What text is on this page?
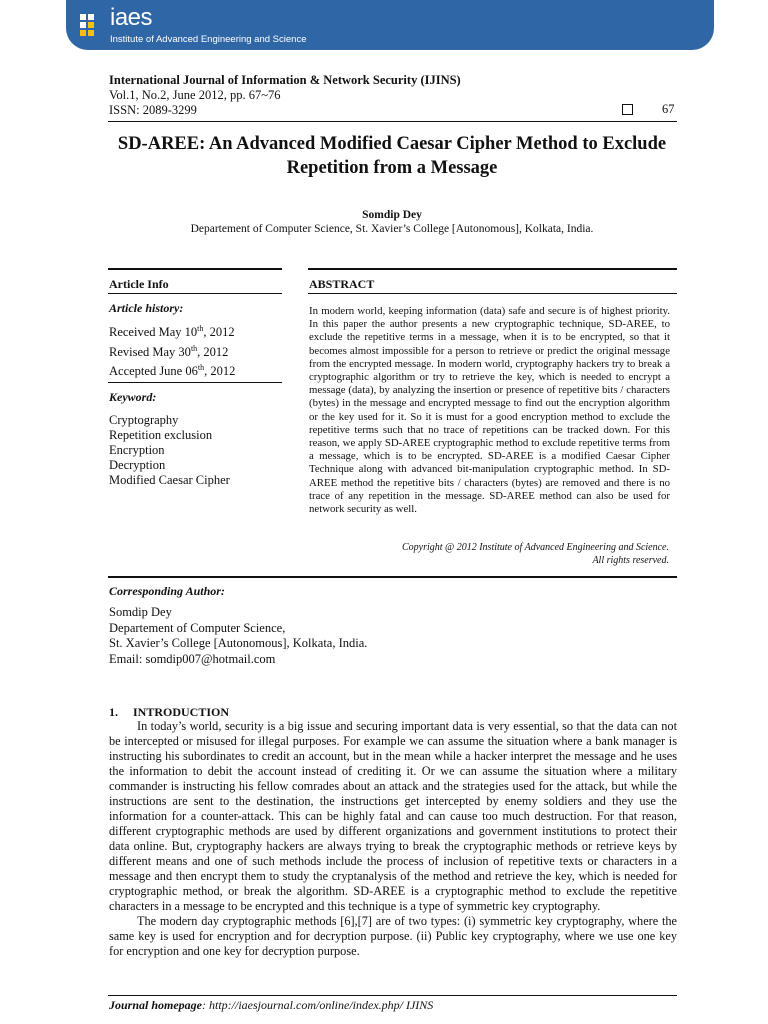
iaes
Institute of Advanced Engineering and Science
International Journal of Information & Network Security (IJINS)
Vol.1, No.2, June 2012, pp. 67~76
ISSN: 2089-3299	67
SD-AREE: An Advanced Modified Caesar Cipher Method to Exclude Repetition from a Message
Somdip Dey
Departement of Computer Science, St. Xavier’s College [Autonomous], Kolkata, India.
Article Info	ABSTRACT
Article history:
Received May 10th, 2012
Revised May 30th, 2012
Accepted June 06th, 2012
Keyword:
Cryptography
Repetition exclusion
Encryption
Decryption
Modified Caesar Cipher
In modern world, keeping information (data) safe and secure is of highest priority. In this paper the author presents a new cryptographic technique, SD-AREE, to exclude the repetitive terms in a message, when it is to be encrypted, so that it becomes almost impossible for a person to retrieve or predict the original message from the encrypted message. In modern world, cryptography hackers try to break a cryptographic algorithm or try to retrieve the key, which is needed to encrypt a message (data), by analyzing the insertion or presence of repetitive bits / characters (bytes) in the message and encrypted message to find out the encryption algorithm or the key used for it. So it is must for a good encryption method to exclude the repetitive terms such that no trace of repetitions can be tracked down. For this reason, we apply SD-AREE cryptographic method to exclude repetitive terms from a message, which is to be encrypted. SD-AREE is a modified Caesar Cipher Technique along with advanced bit-manipulation cryptographic method. In SD-AREE method the repetitive bits / characters (bytes) are removed and there is no trace of any repetition in the message. SD-AREE method can also be used for network security as well.
Copyright @ 2012 Institute of Advanced Engineering and Science.
All rights reserved.
Corresponding Author:
Somdip Dey
Departement of Computer Science,
St. Xavier’s College [Autonomous], Kolkata, India.
Email: somdip007@hotmail.com
1.     INTRODUCTION

In today’s world, security is a big issue and securing important data is very essential, so that the data can not be intercepted or misused for illegal purposes. For example we can assume the situation where a bank manager is instructing his subordinates to credit an account, but in the mean while a hacker interpret the message and he uses the information to debit the account instead of crediting it. Or we can assume the situation where a military commander is instructing his fellow comrades about an attack and the strategies used for the attack, but while the instructions are sent to the destination, the instructions get intercepted by enemy soldiers and they use the information for a counter-attack. This can be highly fatal and can cause too much destruction. For that reason, different cryptographic methods are used by different organizations and government institutions to protect their data online. But, cryptography hackers are always trying to break the cryptographic methods or retrieve keys by different means and one of such methods include the process of inclusion of repetitive texts or characters in a message and then encrypt them to study the cryptanalysis of the method and retrieve the key, which is needed for cryptographic method, or break the algorithm. SD-AREE is a cryptographic method to exclude the repetitive characters in a message to be encrypted and this technique is a type of symmetric key cryptography.

The modern day cryptographic methods [6],[7] are of two types: (i) symmetric key cryptography, where the same key is used for encryption and for decryption purpose. (ii) Public key cryptography, where we use one key for encryption and one key for decryption purpose.

Journal homepage: http://iaesjournal.com/online/index.php/ IJINS
